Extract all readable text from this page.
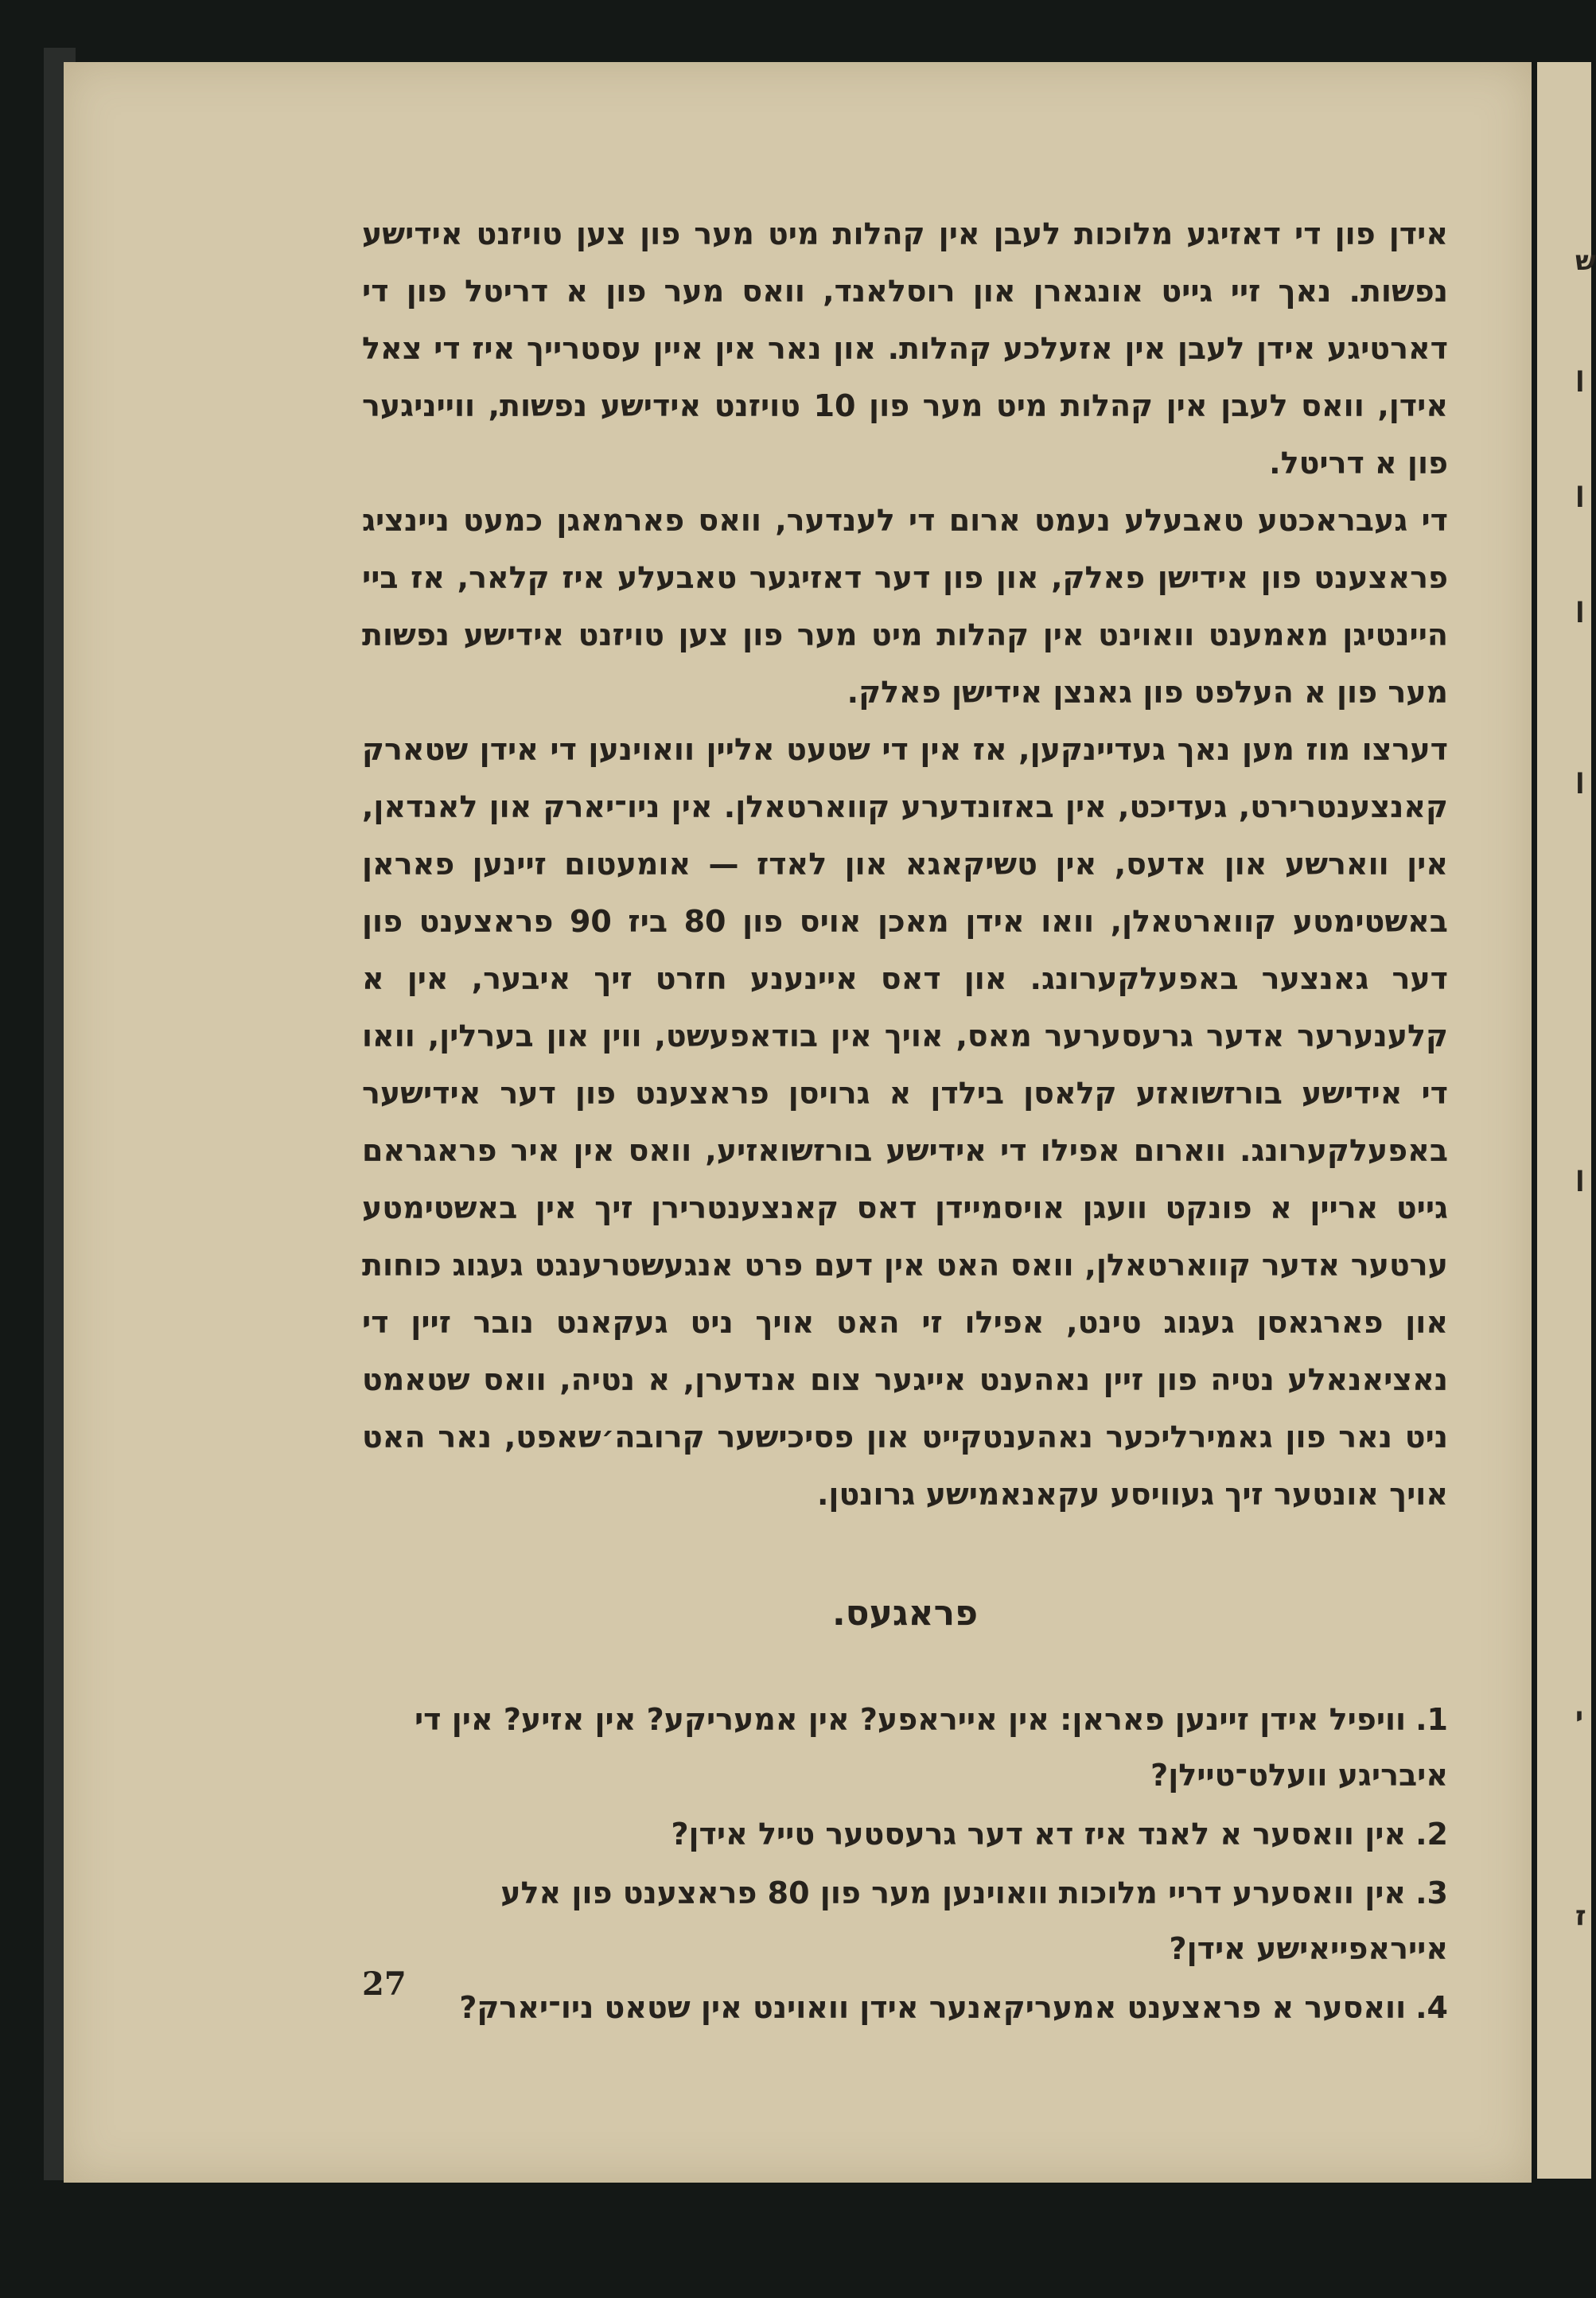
ש
ן
ן
ן
ן
ן
י
ז

אידן פון די דאזיגע מלוכות לעבן אין קהלות מיט מער פון צען טויזנט אידישע נפשות. נאך זיי גייט אונגארן און רוסלאנד, וואס מער פון א דריטל פון די דארטיגע אידן לעבן אין אזעלכע קהלות. און נאר אין איין עסטרייך איז די צאל אידן, וואס לעבן אין קהלות מיט מער פון 10 טויזנט אידישע נפשות, ווייניגער פון א דריטל.

די געבראכטע טאבעלע נעמט ארום די לענדער, וואס פארמאגן כמעט ניינציג פראצענט פון אידישן פאלק, און פון דער דאזיגער טאבעלע איז קלאר, אז ביי היינטיגן מאמענט וואוינט אין קהלות מיט מער פון צען טויזנט אידישע נפשות מער פון א העלפט פון גאנצן אידישן פאלק.

דערצו מוז מען נאך געדיינקען, אז אין די שטעט אליין וואוינען די אידן שטארק קאנצענטרירט, געדיכט, אין באזונדערע קווארטאלן. אין ניו־יארק און לאנדאן, אין ווארשע און אדעס, אין טשיקאגא און לאדז — אומעטום זיינען פאראן באשטימטע קווארטאלן, וואו אידן מאכן אויס פון 80 ביז 90 פראצענט פון דער גאנצער באפעלקערונג. און דאס איינענע חזרט זיך איבער, אין א קלענערער אדער גרעסערער מאס, אויך אין בודאפעשט, ווין און בערלין, וואו די אידישע בורזשואזע קלאסן בילדן א גרויסן פראצענט פון דער אידישער באפעלקערונג. ווארום אפילו די אידישע בורזשואזיע, וואס אין איר פראגראם גייט אריין א פונקט וועגן אויסמיידן דאס קאנצענטרירן זיך אין באשטימטע ערטער אדער קווארטאלן, וואס האט אין דעם פרט אנגעשטרענגט געגוג כוחות און פארגאסן געגוג טינט, אפילו זי האט אויך ניט געקאנט נובר זיין די נאציאנאלע נטיה פון זיין נאהענט אייגער צום אנדערן, א נטיה, וואס שטאמט ניט נאר פון גאמירליכער נאהענטקייט און פסיכישער קרובה׳שאפט, נאר האט אויך אונטער זיך געוויסע עקאנאמישע גרונטן.

פראגעס.
1.וויפיל אידן זיינען פאראן: אין אייראפע? אין אמעריקע? אין אזיע? אין די איבריגע וועלט־טיילן?
2.אין וואסער א לאנד איז דא דער גרעסטער טייל אידן?
3.אין וואסערע דריי מלוכות וואוינען מער פון 80 פראצענט פון אלע אייראפייאישע אידן?
4.וואסער א פראצענט אמעריקאנער אידן וואוינט אין שטאט ניו־יארק?
27
